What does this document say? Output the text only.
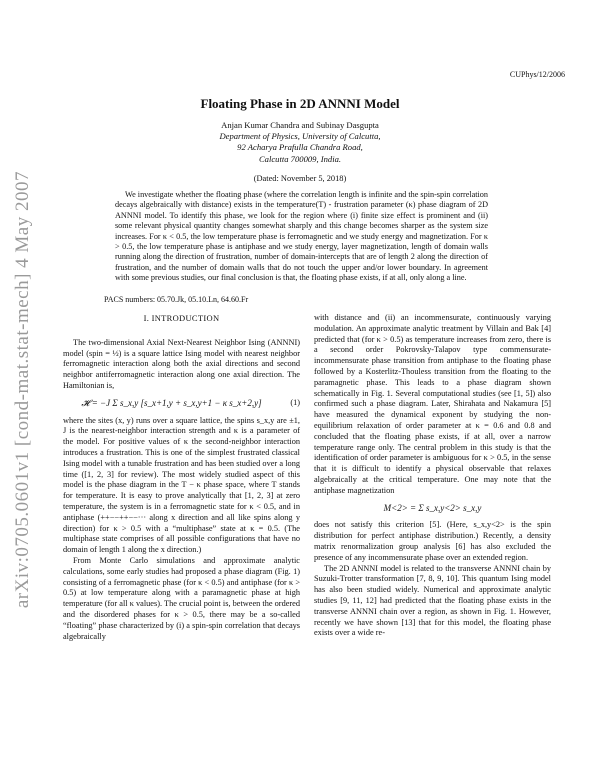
arXiv:0705.0601v1 [cond-mat.stat-mech] 4 May 2007
CUPhys/12/2006
Floating Phase in 2D ANNNI Model
Anjan Kumar Chandra and Subinay Dasgupta
Department of Physics, University of Calcutta,
92 Acharya Prafulla Chandra Road,
Calcutta 700009, India.
(Dated: November 5, 2018)
We investigate whether the floating phase (where the correlation length is infinite and the spin-spin correlation decays algebraically with distance) exists in the temperature(T) - frustration parameter (κ) phase diagram of 2D ANNNI model. To identify this phase, we look for the region where (i) finite size effect is prominent and (ii) some relevant physical quantity changes somewhat sharply and this change becomes sharper as the system size increases. For κ < 0.5, the low temperature phase is ferromagnetic and we study energy and magnetization. For κ > 0.5, the low temperature phase is antiphase and we study energy, layer magnetization, length of domain walls running along the direction of frustration, number of domain-intercepts that are of length 2 along the direction of frustration, and the number of domain walls that do not touch the upper and/or lower boundary. In agreement with some previous studies, our final conclusion is that, the floating phase exists, if at all, only along a line.
PACS numbers: 05.70.Jk, 05.10.Ln, 64.60.Fr
I. INTRODUCTION

The two-dimensional Axial Next-Nearest Neighbor Ising (ANNNI) model (spin = ½) is a square lattice Ising model with nearest neighbor ferromagnetic interaction along both the axial directions and second neighbor antiferromagnetic interaction along one axial direction. The Hamiltonian is,

𝓗 = −J Σ s_x,y [s_x+1,y + s_x,y+1 − κ s_x+2,y]	(1)

where the sites (x, y) runs over a square lattice, the spins s_x,y are ±1, J is the nearest-neighbor interaction strength and κ is a parameter of the model. For positive values of κ the second-neighbor interaction introduces a frustration. This is one of the simplest frustrated classical Ising model with a tunable frustration and has been studied over a long time ([1, 2, 3] for review). The most widely studied aspect of this model is the phase diagram in the T − κ phase space, where T stands for temperature. It is easy to prove analytically that [1, 2, 3] at zero temperature, the system is in a ferromagnetic state for κ < 0.5, and in antiphase (++−−++−−··· along x direction and all like spins along y direction) for κ > 0.5 with a “multiphase” state at κ = 0.5. (The multiphase state comprises of all possible configurations that have no domain of length 1 along the x direction.)

From Monte Carlo simulations and approximate analytic calculations, some early studies had proposed a phase diagram (Fig. 1) consisting of a ferromagnetic phase (for κ < 0.5) and antiphase (for κ > 0.5) at low temperature along with a paramagnetic phase at high temperature (for all κ values). The crucial point is, between the ordered and the disordered phases for κ > 0.5, there may be a so-called “floating” phase characterized by (i) a spin-spin correlation that decays algebraically

with distance and (ii) an incommensurate, continuously varying modulation. An approximate analytic treatment by Villain and Bak [4] predicted that (for κ > 0.5) as temperature increases from zero, there is a second order Pokrovsky-Talapov type commensurate-incommensurate phase transition from antiphase to the floating phase followed by a Kosterlitz-Thouless transition from the floating to the paramagnetic phase. This leads to a phase diagram shown schematically in Fig. 1. Several computational studies (see [1, 5]) also confirmed such a phase diagram. Later, Shirahata and Nakamura [5] have measured the dynamical exponent by studying the non-equilibrium relaxation of order parameter at κ = 0.6 and 0.8 and concluded that the floating phase exists, if at all, over a narrow temperature range only. The central problem in this study is that the identification of order parameter is ambiguous for κ > 0.5, in the sense that it is difficult to identify a physical observable that relaxes algebraically at the critical temperature. One may note that the antiphase magnetization

M<2> = Σ s_x,y<2> s_x,y

does not satisfy this criterion [5]. (Here, s_x,y<2> is the spin distribution for perfect antiphase distribution.) Recently, a density matrix renormalization group analysis [6] has also excluded the presence of any incommensurate phase over an extended region.

The 2D ANNNI model is related to the transverse ANNNI chain by Suzuki-Trotter transformation [7, 8, 9, 10]. This quantum Ising model has also been studied widely. Numerical and approximate analytic studies [9, 11, 12] had predicted that the floating phase exists in the transverse ANNNI chain over a region, as shown in Fig. 1. However, recently we have shown [13] that for this model, the floating phase exists over a wide re-
